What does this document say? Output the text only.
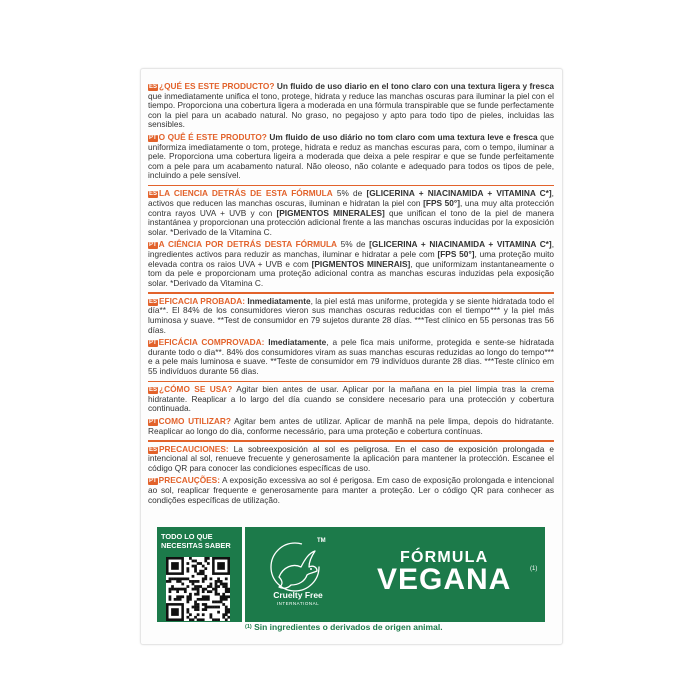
ES ¿QUÉ ES ESTE PRODUCTO? Un fluido de uso diario en el tono claro con una textura ligera y fresca que inmediatamente unifica el tono, protege, hidrata y reduce las manchas oscuras para iluminar la piel con el tiempo. Proporciona una cobertura ligera a moderada en una fórmula transpirable que se funde perfectamente con la piel para un acabado natural. No graso, no pegajoso y apto para todo tipo de pieles, incluidas las sensibles.

PT O QUÊ É ESTE PRODUTO? Um fluido de uso diário no tom claro com uma textura leve e fresca que uniformiza imediatamente o tom, protege, hidrata e reduz as manchas escuras para, com o tempo, iluminar a pele. Proporciona uma cobertura ligeira a moderada que deixa a pele respirar e que se funde perfeitamente com a pele para um acabamento natural. Não oleoso, não colante e adequado para todos os tipos de pele, incluindo a pele sensível.

ES LA CIENCIA DETRÁS DE ESTA FÓRMULA 5% de [GLICERINA + NIACINAMIDA + VITAMINA C*], activos que reducen las manchas oscuras, iluminan e hidratan la piel con [FPS 50°], una muy alta protección contra rayos UVA + UVB y con [PIGMENTOS MINERALES] que unifican el tono de la piel de manera instantánea y proporcionan una protección adicional frente a las manchas oscuras inducidas por la exposición solar. *Derivado de la Vitamina C.

PT A CIÊNCIA POR DETRÁS DESTA FÓRMULA 5% de [GLICERINA + NIACINAMIDA + VITAMINA C*], ingredientes activos para reduzir as manchas, iluminar e hidratar a pele com [FPS 50°], uma proteção muito elevada contra os raios UVA + UVB e com [PIGMENTOS MINERAIS], que uniformizam instantaneamente o tom da pele e proporcionam uma proteção adicional contra as manchas escuras induzidas pela exposição solar. *Derivado da Vitamina C.

ES EFICACIA PROBADA: Inmediatamente, la piel está mas uniforme, protegida y se siente hidratada todo el día**. El 84% de los consumidores vieron sus manchas oscuras reducidas con el tiempo*** y la piel más luminosa y suave. **Test de consumidor en 79 sujetos durante 28 días. ***Test clínico en 55 personas tras 56 días.

PT EFICÁCIA COMPROVADA: Imediatamente, a pele fica mais uniforme, protegida e sente-se hidratada durante todo o dia**. 84% dos consumidores viram as suas manchas escuras reduzidas ao longo do tempo*** e a pele mais luminosa e suave. **Teste de consumidor em 79 indivíduos durante 28 dias. ***Teste clínico em 55 indivíduos durante 56 dias.

ES ¿CÓMO SE USA? Agitar bien antes de usar. Aplicar por la mañana en la piel limpia tras la crema hidratante. Reaplicar a lo largo del día cuando se considere necesario para una protección y cobertura continuada.

PT COMO UTILIZAR? Agitar bem antes de utilizar. Aplicar de manhã na pele limpa, depois do hidratante. Reaplicar ao longo do dia, conforme necessário, para uma proteção e cobertura contínuas.

ES PRECAUCIONES: La sobreexposición al sol es peligrosa. En el caso de exposición prolongada e intencional al sol, renueve frecuente y generosamente la aplicación para mantener la protección. Escanee el código QR para conocer las condiciones específicas de uso.

PT PRECAUÇÕES: A exposição excessiva ao sol é perigosa. Em caso de exposição prolongada e intencional ao sol, reaplicar frequente e generosamente para manter a proteção. Ler o código QR para conhecer as condições específicas de utilização.

TODO LO QUE NECESITAS SABER	TM
Cruelty Free
INTERNATIONAL
FÓRMULA
VEGANA	(1)
$^{(1)}$ Sin ingredientes o derivados de origen animal.
